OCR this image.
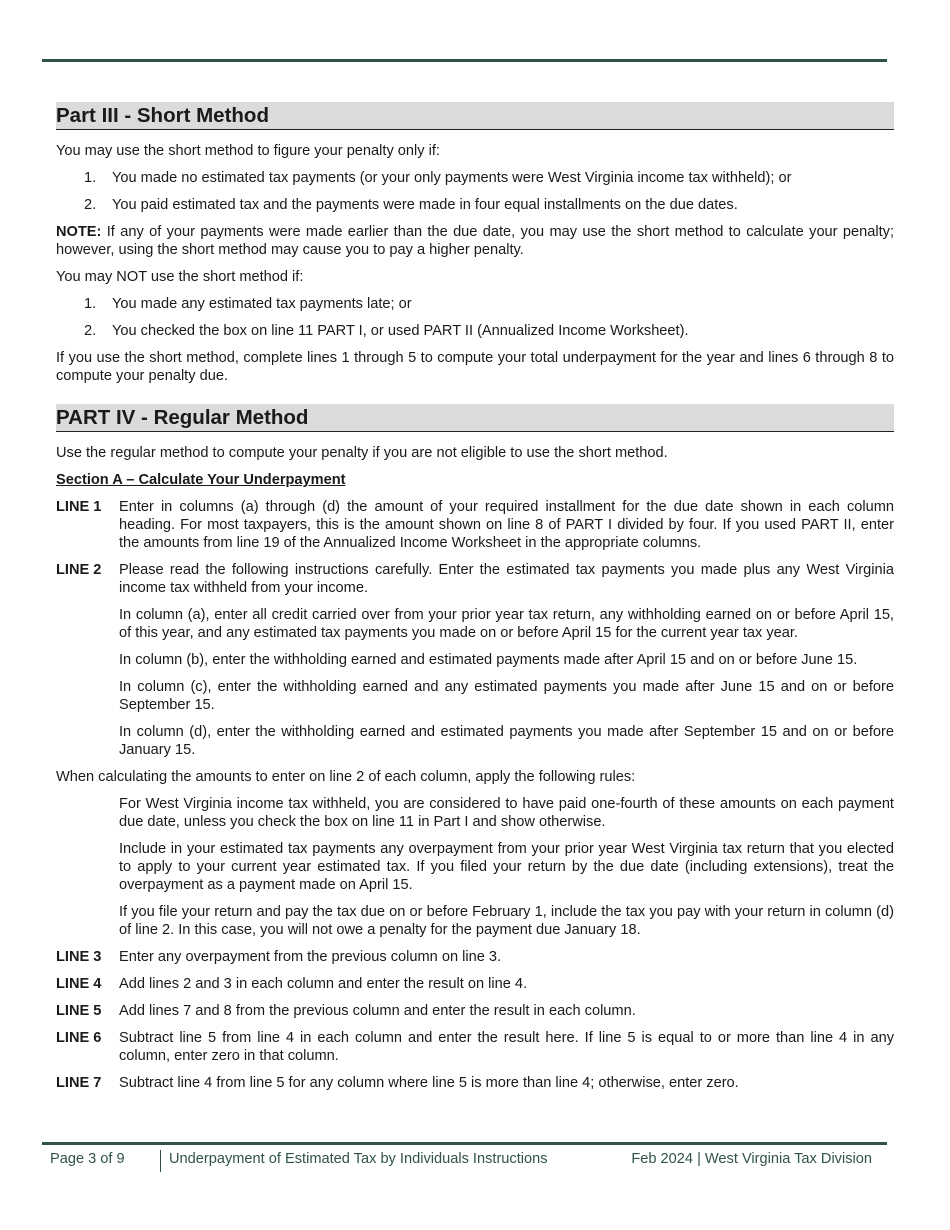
Part III - Short Method

You may use the short method to figure your penalty only if:

1. You made no estimated tax payments (or your only payments were West Virginia income tax withheld); or
2. You paid estimated tax and the payments were made in four equal installments on the due dates.

NOTE: If any of your payments were made earlier than the due date, you may use the short method to calculate your penalty; however, using the short method may cause you to pay a higher penalty.

You may NOT use the short method if:

1. You made any estimated tax payments late; or
2. You checked the box on line 11 PART I, or used PART II (Annualized Income Worksheet).

If you use the short method, complete lines 1 through 5 to compute your total underpayment for the year and lines 6 through 8 to compute your penalty due.

PART IV - Regular Method

Use the regular method to compute your penalty if you are not eligible to use the short method.

Section A – Calculate Your Underpayment
LINE 1 Enter in columns (a) through (d) the amount of your required installment for the due date shown in each column heading. For most taxpayers, this is the amount shown on line 8 of PART I divided by four. If you used PART II, enter the amounts from line 19 of the Annualized Income Worksheet in the appropriate columns.

LINE 2 Please read the following instructions carefully. Enter the estimated tax payments you made plus any West Virginia income tax withheld from your income.

In column (a), enter all credit carried over from your prior year tax return, any withholding earned on or before April 15, of this year, and any estimated tax payments you made on or before April 15 for the current year tax year.

In column (b), enter the withholding earned and estimated payments made after April 15 and on or before June 15.

In column (c), enter the withholding earned and any estimated payments you made after June 15 and on or before September 15.

In column (d), enter the withholding earned and estimated payments you made after September 15 and on or before January 15.

When calculating the amounts to enter on line 2 of each column, apply the following rules:

For West Virginia income tax withheld, you are considered to have paid one-fourth of these amounts on each payment due date, unless you check the box on line 11 in Part I and show otherwise.
Include in your estimated tax payments any overpayment from your prior year West Virginia tax return that you elected to apply to your current year estimated tax. If you filed your return by the due date (including extensions), treat the overpayment as a payment made on April 15.
If you file your return and pay the tax due on or before February 1, include the tax you pay with your return in column (d) of line 2. In this case, you will not owe a penalty for the payment due January 18.
LINE 3 Enter any overpayment from the previous column on line 3.

LINE 4 Add lines 2 and 3 in each column and enter the result on line 4.

LINE 5 Add lines 7 and 8 from the previous column and enter the result in each column.

LINE 6 Subtract line 5 from line 4 in each column and enter the result here. If line 5 is equal to or more than line 4 in any column, enter zero in that column.

LINE 7 Subtract line 4 from line 5 for any column where line 5 is more than line 4; otherwise, enter zero.

Page 3 of 9	Underpayment of Estimated Tax by Individuals Instructions	Feb 2024 | West Virginia Tax Division
